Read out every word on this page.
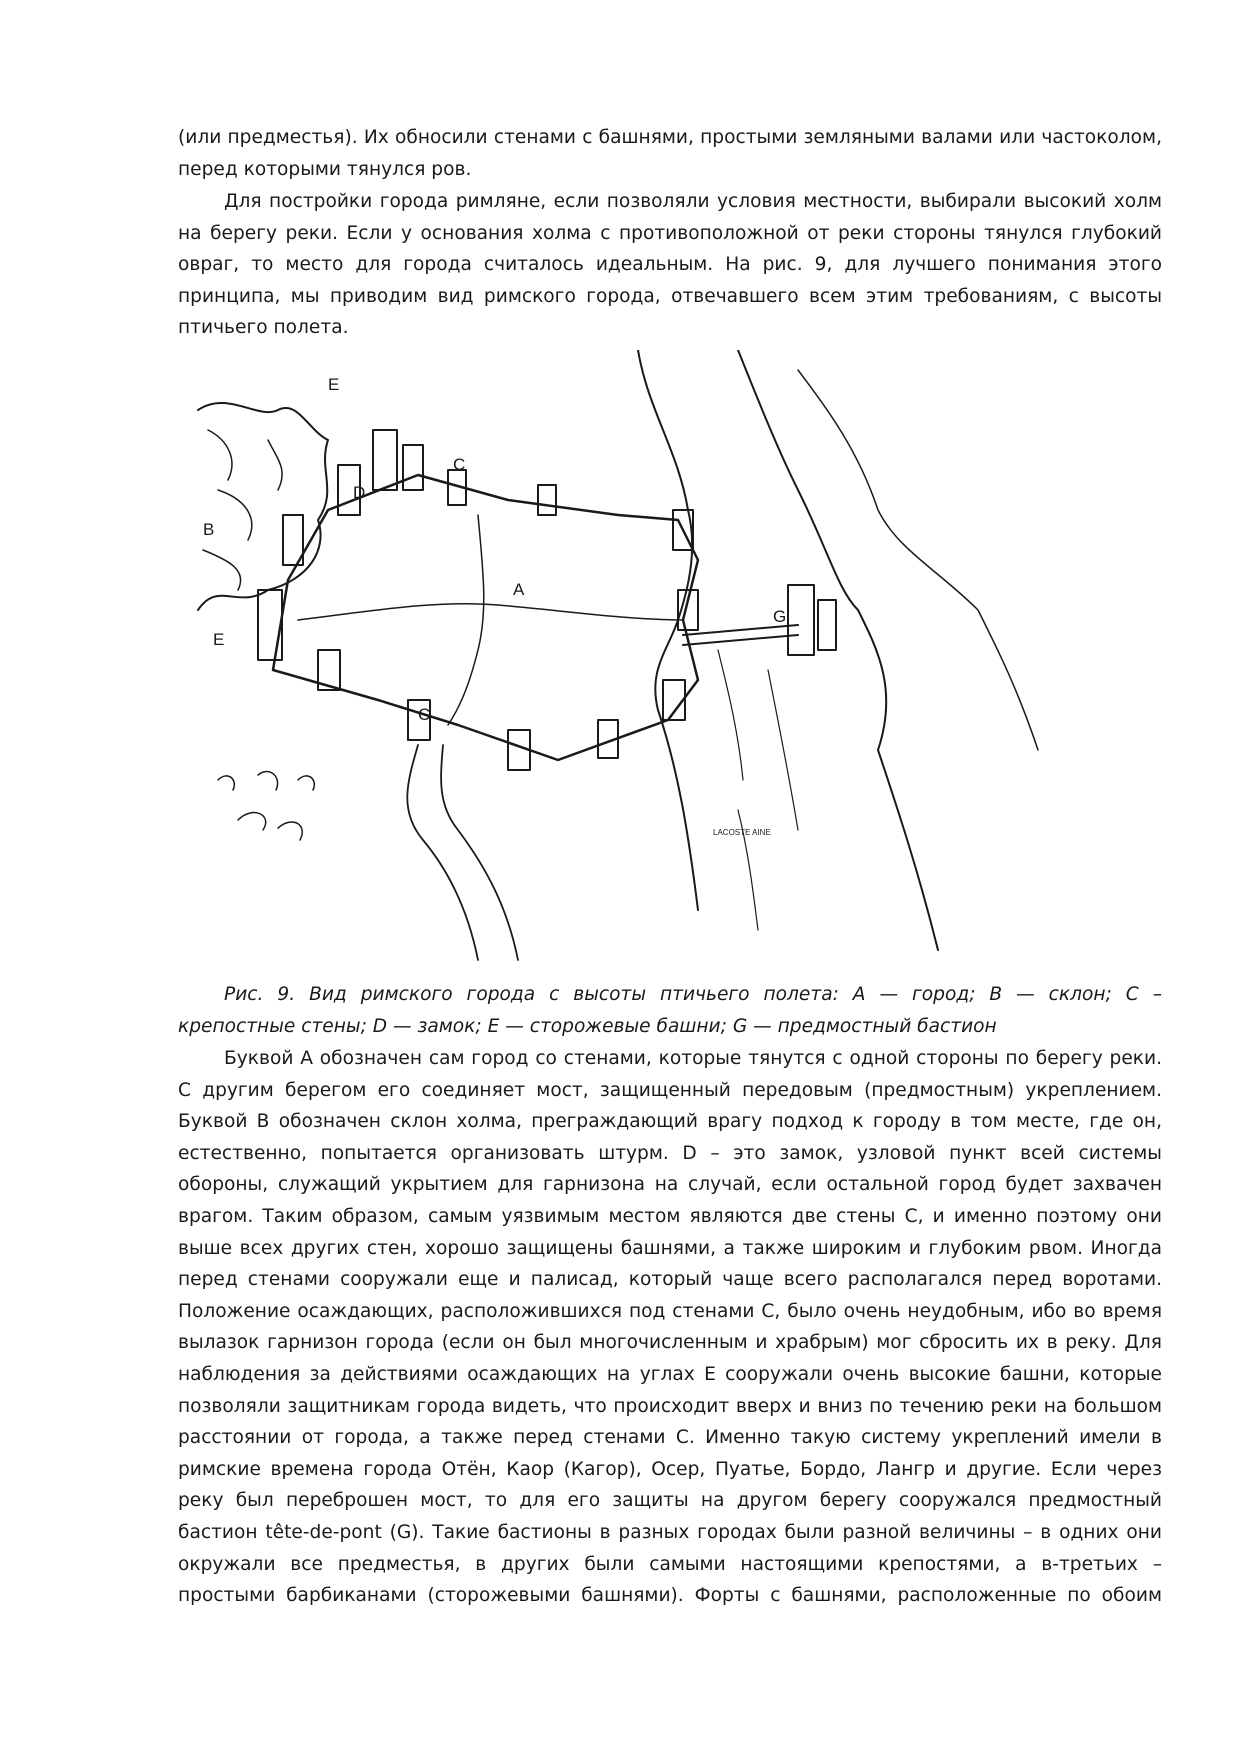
(или предместья). Их обносили стенами с башнями, простыми земляными валами или частоколом,

перед которыми тянулся ров.

Для постройки города римляне, если позволяли условия местности, выбирали высокий холм

на берегу реки. Если у основания холма с противоположной от реки стороны тянулся глубокий

овраг, то место для города считалось идеальным. На рис. 9, для лучшего понимания этого

принципа, мы приводим вид римского города, отвечавшего всем этим требованиям, с высоты

птичьего полета.

A
B
C
C
D
E
E
G
LACOSTE AINE

Рис. 9. Вид римского города с высоты птичьего полета: А — город; В — склон; С –

крепостные стены; D — замок; Е — сторожевые башни; G — предмостный бастион

Буквой А обозначен сам город со стенами, которые тянутся с одной стороны по берегу реки.

С другим берегом его соединяет мост, защищенный передовым (предмостным) укреплением.

Буквой В обозначен склон холма, преграждающий врагу подход к городу в том месте, где он,

естественно, попытается организовать штурм. D – это замок, узловой пункт всей системы

обороны, служащий укрытием для гарнизона на случай, если остальной город будет захвачен

врагом. Таким образом, самым уязвимым местом являются две стены С, и именно поэтому они

выше всех других стен, хорошо защищены башнями, а также широким и глубоким рвом. Иногда

перед стенами сооружали еще и палисад, который чаще всего располагался перед воротами.

Положение осаждающих, расположившихся под стенами С, было очень неудобным, ибо во время

вылазок гарнизон города (если он был многочисленным и храбрым) мог сбросить их в реку. Для

наблюдения за действиями осаждающих на углах Е сооружали очень высокие башни, которые

позволяли защитникам города видеть, что происходит вверх и вниз по течению реки на большом

расстоянии от города, а также перед стенами С. Именно такую систему укреплений имели в

римские времена города Отён, Каор (Кагор), Осер, Пуатье, Бордо, Лангр и другие. Если через

реку был переброшен мост, то для его защиты на другом берегу сооружался предмостный

бастион tête-de-pont (G). Такие бастионы в разных городах были разной величины – в одних они

окружали все предместья, в других были самыми настоящими крепостями, а в-третьих –

простыми барбиканами (сторожевыми башнями). Форты с башнями, расположенные по обоим
